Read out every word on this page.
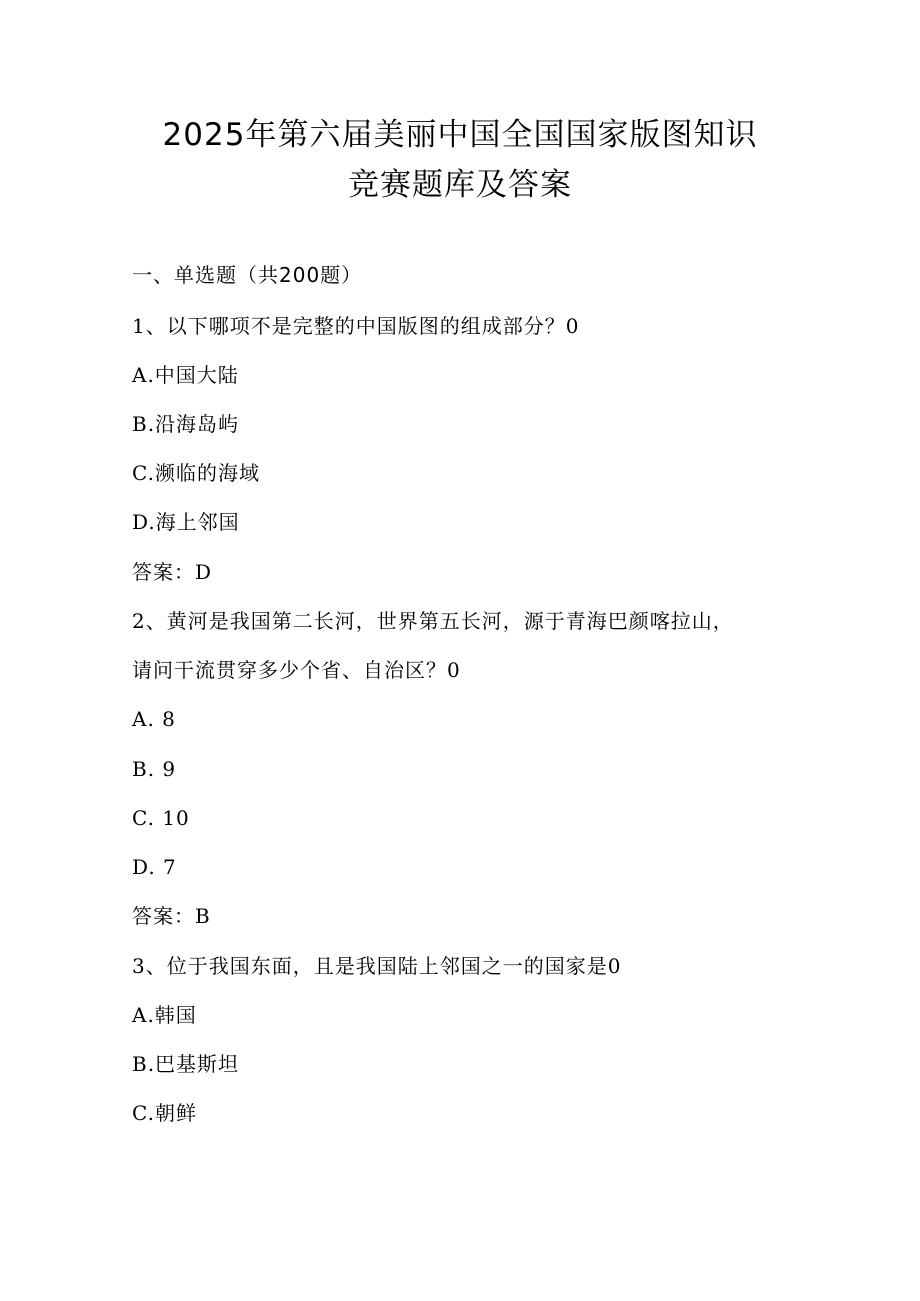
2025年第六届美丽中国全国国家版图知识
竞赛题库及答案
一、单选题（共200题）
1、以下哪项不是完整的中国版图的组成部分？0
A.中国大陆
B.沿海岛屿
C.濒临的海域
D.海上邻国
答案：D
2、黄河是我国第二长河，世界第五长河，源于青海巴颜喀拉山，
请问干流贯穿多少个省、自治区？0
A. 8
B. 9
C. 10
D. 7
答案：B
3、位于我国东面，且是我国陆上邻国之一的国家是0
A.韩国
B.巴基斯坦
C.朝鲜
